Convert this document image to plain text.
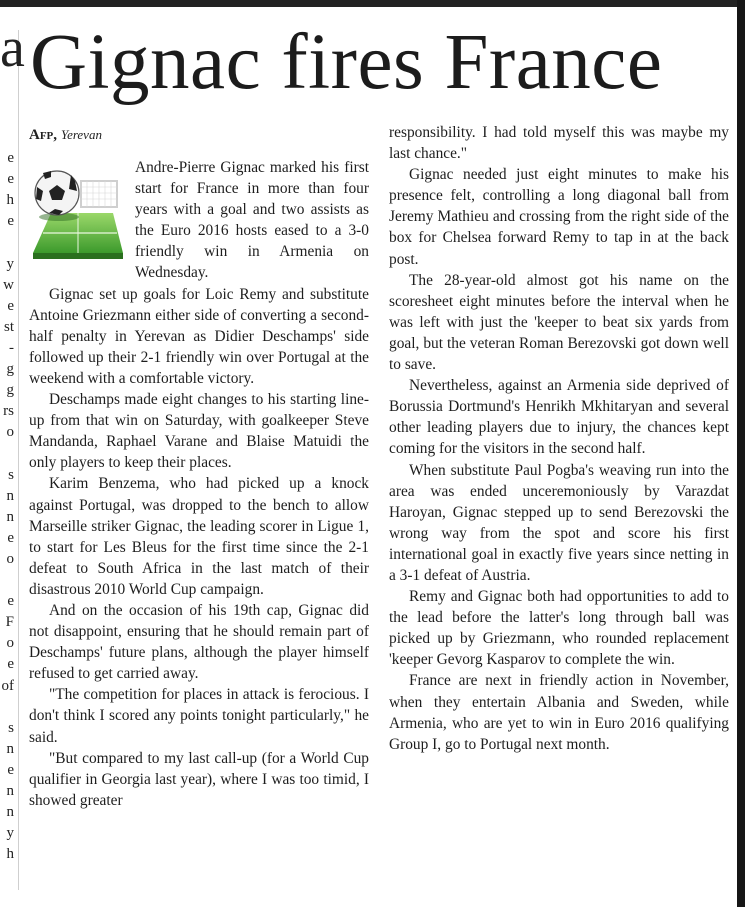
a
e
e
h
e
y
w
e
st
-
g
g
rs
o
s
n
n
e
o
e
F
o
e
of
s
n
e
n
n
y
h
Gignac fires France
Afp, Yerevan

Andre-Pierre Gignac marked his first start for France in more than four years with a goal and two assists as the Euro 2016 hosts eased to a 3-0 friendly win in Armenia on Wednesday.

Gignac set up goals for Loic Remy and substitute Antoine Griezmann either side of converting a second-half penalty in Yerevan as Didier Deschamps' side followed up their 2-1 friendly win over Portugal at the weekend with a comfortable victory.

Deschamps made eight changes to his starting line-up from that win on Saturday, with goalkeeper Steve Mandanda, Raphael Varane and Blaise Matuidi the only players to keep their places.

Karim Benzema, who had picked up a knock against Portugal, was dropped to the bench to allow Marseille striker Gignac, the leading scorer in Ligue 1, to start for Les Bleus for the first time since the 2-1 defeat to South Africa in the last match of their disastrous 2010 World Cup campaign.

And on the occasion of his 19th cap, Gignac did not disappoint, ensuring that he should remain part of Deschamps' future plans, although the player himself refused to get carried away.

"The competition for places in attack is ferocious. I don't think I scored any points tonight particularly," he said.

"But compared to my last call-up (for a World Cup qualifier in Georgia last year), where I was too timid, I showed greater

responsibility. I had told myself this was maybe my last chance."

Gignac needed just eight minutes to make his presence felt, controlling a long diagonal ball from Jeremy Mathieu and crossing from the right side of the box for Chelsea forward Remy to tap in at the back post.

The 28-year-old almost got his name on the scoresheet eight minutes before the interval when he was left with just the 'keeper to beat six yards from goal, but the veteran Roman Berezovski got down well to save.

Nevertheless, against an Armenia side deprived of Borussia Dortmund's Henrikh Mkhitaryan and several other leading players due to injury, the chances kept coming for the visitors in the second half.

When substitute Paul Pogba's weaving run into the area was ended unceremoniously by Varazdat Haroyan, Gignac stepped up to send Berezovski the wrong way from the spot and score his first international goal in exactly five years since netting in a 3-1 defeat of Austria.

Remy and Gignac both had opportunities to add to the lead before the latter's long through ball was picked up by Griezmann, who rounded replacement 'keeper Gevorg Kasparov to complete the win.

France are next in friendly action in November, when they entertain Albania and Sweden, while Armenia, who are yet to win in Euro 2016 qualifying Group I, go to Portugal next month.
